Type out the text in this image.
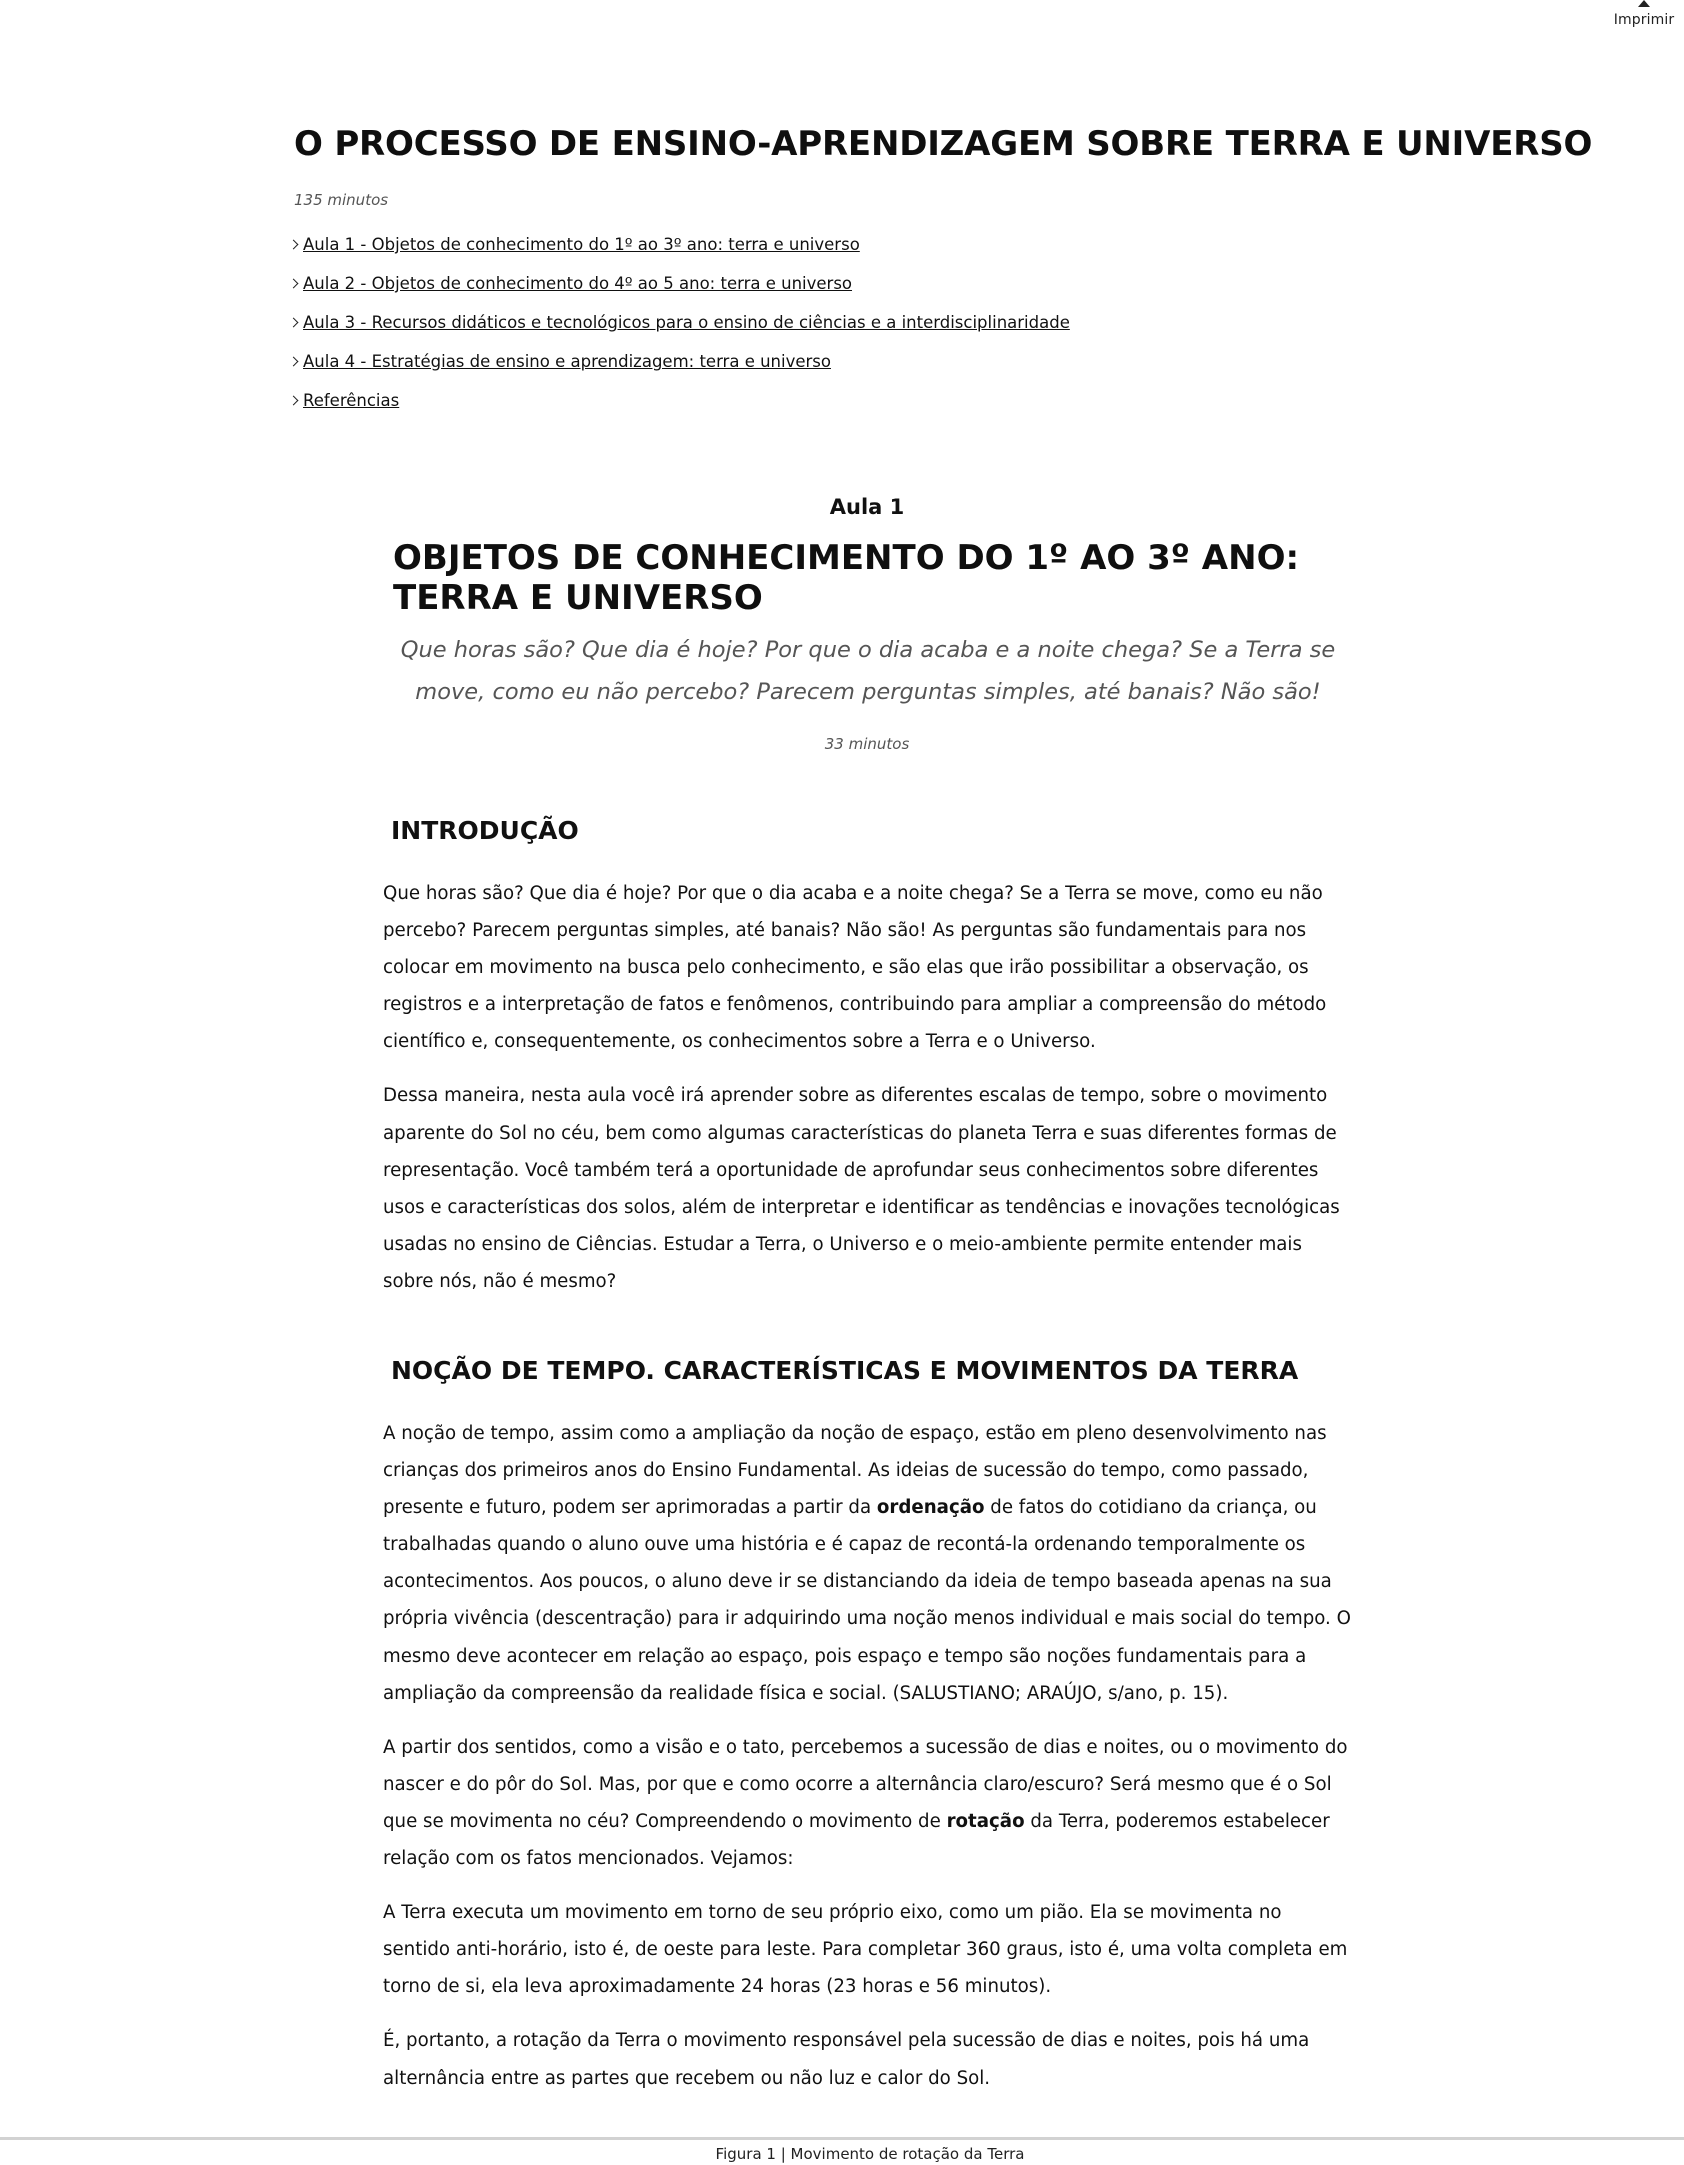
Imprimir
O PROCESSO DE ENSINO-APRENDIZAGEM SOBRE TERRA E UNIVERSO
135 minutos
Aula 1 - Objetos de conhecimento do 1º ao 3º ano: terra e universo
Aula 2 - Objetos de conhecimento do 4º ao 5 ano: terra e universo
Aula 3 - Recursos didáticos e tecnológicos para o ensino de ciências e a interdisciplinaridade
Aula 4 - Estratégias de ensino e aprendizagem: terra e universo
Referências
Aula 1
OBJETOS DE CONHECIMENTO DO 1º AO 3º ANO: TERRA E UNIVERSO

Que horas são? Que dia é hoje? Por que o dia acaba e a noite chega? Se a Terra se move, como eu não percebo? Parecem perguntas simples, até banais? Não são!

33 minutos
INTRODUÇÃO

Que horas são? Que dia é hoje? Por que o dia acaba e a noite chega? Se a Terra se move, como eu não percebo? Parecem perguntas simples, até banais? Não são! As perguntas são fundamentais para nos colocar em movimento na busca pelo conhecimento, e são elas que irão possibilitar a observação, os registros e a interpretação de fatos e fenômenos, contribuindo para ampliar a compreensão do método científico e, consequentemente, os conhecimentos sobre a Terra e o Universo.

Dessa maneira, nesta aula você irá aprender sobre as diferentes escalas de tempo, sobre o movimento aparente do Sol no céu, bem como algumas características do planeta Terra e suas diferentes formas de representação. Você também terá a oportunidade de aprofundar seus conhecimentos sobre diferentes usos e características dos solos, além de interpretar e identificar as tendências e inovações tecnológicas usadas no ensino de Ciências. Estudar a Terra, o Universo e o meio-ambiente permite entender mais sobre nós, não é mesmo?

NOÇÃO DE TEMPO. CARACTERÍSTICAS E MOVIMENTOS DA TERRA

A noção de tempo, assim como a ampliação da noção de espaço, estão em pleno desenvolvimento nas crianças dos primeiros anos do Ensino Fundamental. As ideias de sucessão do tempo, como passado, presente e futuro, podem ser aprimoradas a partir da ordenação de fatos do cotidiano da criança, ou trabalhadas quando o aluno ouve uma história e é capaz de recontá-la ordenando temporalmente os acontecimentos. Aos poucos, o aluno deve ir se distanciando da ideia de tempo baseada apenas na sua própria vivência (descentração) para ir adquirindo uma noção menos individual e mais social do tempo. O mesmo deve acontecer em relação ao espaço, pois espaço e tempo são noções fundamentais para a ampliação da compreensão da realidade física e social. (SALUSTIANO; ARAÚJO, s/ano, p. 15).

A partir dos sentidos, como a visão e o tato, percebemos a sucessão de dias e noites, ou o movimento do nascer e do pôr do Sol. Mas, por que e como ocorre a alternância claro/escuro? Será mesmo que é o Sol que se movimenta no céu? Compreendendo o movimento de rotação da Terra, poderemos estabelecer relação com os fatos mencionados. Vejamos:

A Terra executa um movimento em torno de seu próprio eixo, como um pião. Ela se movimenta no sentido anti-horário, isto é, de oeste para leste. Para completar 360 graus, isto é, uma volta completa em torno de si, ela leva aproximadamente 24 horas (23 horas e 56 minutos).

É, portanto, a rotação da Terra o movimento responsável pela sucessão de dias e noites, pois há uma alternância entre as partes que recebem ou não luz e calor do Sol.

Figura 1 | Movimento de rotação da Terra
